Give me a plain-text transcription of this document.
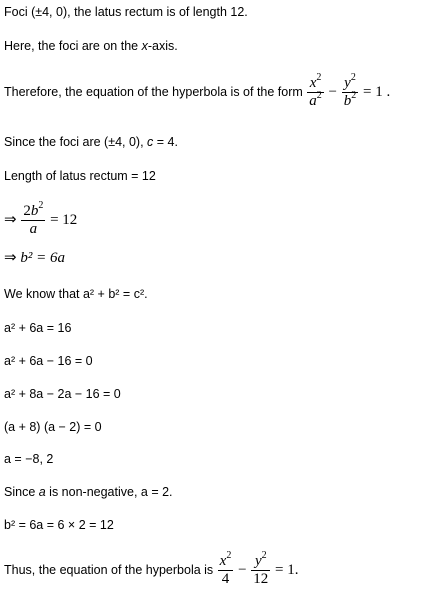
Foci (±4, 0), the latus rectum is of length 12.
Here, the foci are on the x-axis.
Therefore, the equation of the hyperbola is of the form $\frac{x^2}{a^2} - \frac{y^2}{b^2} = 1$ .
Since the foci are (±4, 0), c = 4.
Length of latus rectum = 12
⇒ $\frac{2b^2}{a} = 12$
⇒ b² = 6a
We know that a² + b² = c².
a² + 6a = 16
a² + 6a − 16 = 0
a² + 8a − 2a − 16 = 0
(a + 8) (a − 2) = 0
a = −8, 2
Since a is non-negative, a = 2.
b² = 6a = 6 × 2 = 12
Thus, the equation of the hyperbola is $\frac{x^2}{4} - \frac{y^2}{12} = 1$.
